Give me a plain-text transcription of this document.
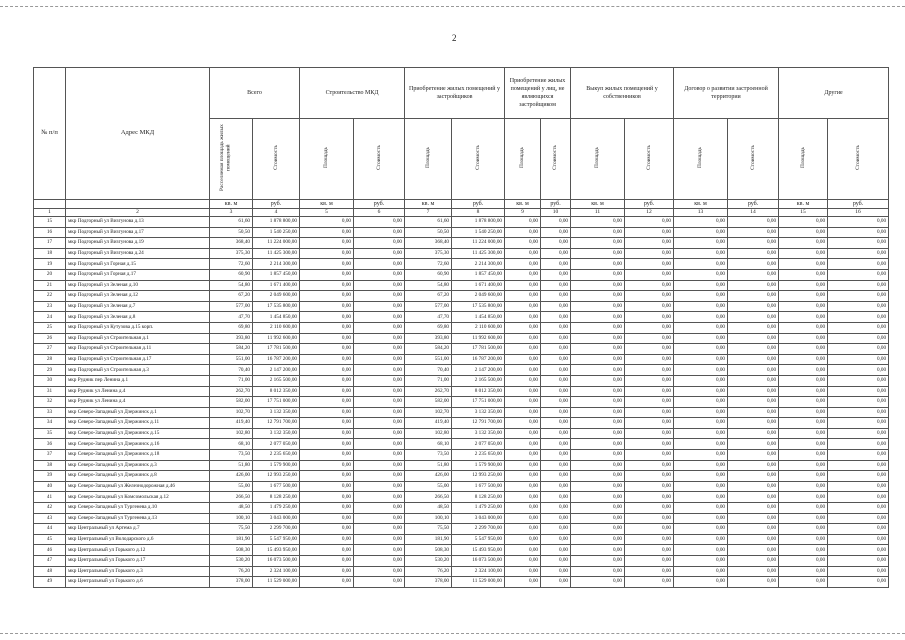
2
№ п/п	Адрес МКД	Всего		Строительство МКД		Приобретение жилых помещений у застройщиков		Приобретение жилых помещений у лиц, не являющихся застройщиком		Выкуп жилых помещений у собственников		Договор о развитии застроенной территории		Другие	
		Расселяемая площадь жилых помещений	Стоимость	Площадь	Стоимость	Площадь	Стоимость	Площадь	Стоимость	Площадь	Стоимость	Площадь	Стоимость	Площадь	Стоимость
		кв. м	руб.	кв. м	руб.	кв. м	руб.	кв. м	руб.	кв. м	руб.	кв. м	руб.	кв. м	руб.
1	2	3	4	5	6	7	8	9	10	11	12	13	14	15	16
15	мкр Подгорный ул Визгунова д.13	61,60	1 878 800,00	0,00	0,00	61,60	1 878 800,00	0,00	0,00	0,00	0,00	0,00	0,00	0,00	0,00
16	мкр Подгорный ул Визгунова д.17	50,50	1 540 250,00	0,00	0,00	50,50	1 540 250,00	0,00	0,00	0,00	0,00	0,00	0,00	0,00	0,00
17	мкр Подгорный ул Визгунова д.19	368,40	11 224 000,00	0,00	0,00	368,40	11 224 000,00	0,00	0,00	0,00	0,00	0,00	0,00	0,00	0,00
18	мкр Подгорный ул Визгунова д.24	375,30	11 425 300,00	0,00	0,00	375,30	11 425 300,00	0,00	0,00	0,00	0,00	0,00	0,00	0,00	0,00
19	мкр Подгорный ул Горная д.15	72,60	2 214 300,00	0,00	0,00	72,60	2 214 300,00	0,00	0,00	0,00	0,00	0,00	0,00	0,00	0,00
20	мкр Подгорный ул Горная д.17	60,90	1 857 450,00	0,00	0,00	60,90	1 857 450,00	0,00	0,00	0,00	0,00	0,00	0,00	0,00	0,00
21	мкр Подгорный ул Зеленая д.10	54,80	1 671 400,00	0,00	0,00	54,80	1 671 400,00	0,00	0,00	0,00	0,00	0,00	0,00	0,00	0,00
22	мкр Подгорный ул Зеленая д.12	67,20	2 049 600,00	0,00	0,00	67,20	2 049 600,00	0,00	0,00	0,00	0,00	0,00	0,00	0,00	0,00
23	мкр Подгорный ул Зеленая д.7	577,00	17 535 800,00	0,00	0,00	577,00	17 535 800,00	0,00	0,00	0,00	0,00	0,00	0,00	0,00	0,00
24	мкр Подгорный ул Зеленая д.8	47,70	1 454 850,00	0,00	0,00	47,70	1 454 850,00	0,00	0,00	0,00	0,00	0,00	0,00	0,00	0,00
25	мкр Подгорный ул Кутузова д.15 корп.	69,80	2 110 600,00	0,00	0,00	69,80	2 110 600,00	0,00	0,00	0,00	0,00	0,00	0,00	0,00	0,00
26	мкр Подгорный ул Строительная д.1	393,80	11 992 600,00	0,00	0,00	393,80	11 992 600,00	0,00	0,00	0,00	0,00	0,00	0,00	0,00	0,00
27	мкр Подгорный ул Строительная д.11	584,20	17 781 500,00	0,00	0,00	584,20	17 781 500,00	0,00	0,00	0,00	0,00	0,00	0,00	0,00	0,00
28	мкр Подгорный ул Строительная д.17	551,00	16 787 200,00	0,00	0,00	551,00	16 787 200,00	0,00	0,00	0,00	0,00	0,00	0,00	0,00	0,00
29	мкр Подгорный ул Строительная д.3	70,40	2 147 200,00	0,00	0,00	70,40	2 147 200,00	0,00	0,00	0,00	0,00	0,00	0,00	0,00	0,00
30	мкр Рудник пер Ленина д.1	71,00	2 165 500,00	0,00	0,00	71,00	2 165 500,00	0,00	0,00	0,00	0,00	0,00	0,00	0,00	0,00
31	мкр Рудник ул Ленина д.4	262,70	8 012 350,00	0,00	0,00	262,70	8 012 350,00	0,00	0,00	0,00	0,00	0,00	0,00	0,00	0,00
32	мкр Рудник ул Ленина д.4	582,00	17 751 000,00	0,00	0,00	582,00	17 751 000,00	0,00	0,00	0,00	0,00	0,00	0,00	0,00	0,00
33	мкр Северо-Западный ул Дзержинск д.1	102,70	3 132 350,00	0,00	0,00	102,70	3 132 350,00	0,00	0,00	0,00	0,00	0,00	0,00	0,00	0,00
34	мкр Северо-Западный ул Дзержинск д.11	419,40	12 791 700,00	0,00	0,00	419,40	12 791 700,00	0,00	0,00	0,00	0,00	0,00	0,00	0,00	0,00
35	мкр Северо-Западный ул Дзержинск д.15	102,80	3 132 350,00	0,00	0,00	102,80	3 132 350,00	0,00	0,00	0,00	0,00	0,00	0,00	0,00	0,00
36	мкр Северо-Западный ул Дзержинск д.16	68,10	2 077 050,00	0,00	0,00	68,10	2 077 050,00	0,00	0,00	0,00	0,00	0,00	0,00	0,00	0,00
37	мкр Северо-Западный ул Дзержинск д.18	73,50	2 235 650,00	0,00	0,00	73,50	2 235 650,00	0,00	0,00	0,00	0,00	0,00	0,00	0,00	0,00
38	мкр Северо-Западный ул Дзержинск д.3	51,80	1 579 900,00	0,00	0,00	51,80	1 579 900,00	0,00	0,00	0,00	0,00	0,00	0,00	0,00	0,00
39	мкр Северо-Западный ул Дзержинск д.8	426,00	12 993 250,00	0,00	0,00	426,00	12 993 250,00	0,00	0,00	0,00	0,00	0,00	0,00	0,00	0,00
40	мкр Северо-Западный ул Железнодорожная д.46	55,00	1 677 500,00	0,00	0,00	55,00	1 677 500,00	0,00	0,00	0,00	0,00	0,00	0,00	0,00	0,00
41	мкр Северо-Западный ул Комсомольская д.12	266,50	8 128 250,00	0,00	0,00	266,50	8 128 250,00	0,00	0,00	0,00	0,00	0,00	0,00	0,00	0,00
42	мкр Северо-Западный ул Тургенева д.10	48,50	1 479 250,00	0,00	0,00	48,50	1 479 250,00	0,00	0,00	0,00	0,00	0,00	0,00	0,00	0,00
43	мкр Северо-Западный ул Тургенева д.13	100,10	3 043 000,00	0,00	0,00	100,10	3 043 000,00	0,00	0,00	0,00	0,00	0,00	0,00	0,00	0,00
44	мкр Центральный ул Артема д.7	75,50	2 299 700,00	0,00	0,00	75,50	2 299 700,00	0,00	0,00	0,00	0,00	0,00	0,00	0,00	0,00
45	мкр Центральный ул Володарского д.6	181,90	5 547 950,00	0,00	0,00	181,90	5 547 950,00	0,00	0,00	0,00	0,00	0,00	0,00	0,00	0,00
46	мкр Центральный ул Горького д.12	508,30	15 493 950,00	0,00	0,00	508,30	15 493 950,00	0,00	0,00	0,00	0,00	0,00	0,00	0,00	0,00
47	мкр Центральный ул Горького д.17	530,20	16 073 500,00	0,00	0,00	530,20	16 073 500,00	0,00	0,00	0,00	0,00	0,00	0,00	0,00	0,00
48	мкр Центральный ул Горького д.3	76,20	2 324 100,00	0,00	0,00	76,20	2 324 100,00	0,00	0,00	0,00	0,00	0,00	0,00	0,00	0,00
49	мкр Центральный ул Горького д.6	378,00	11 529 000,00	0,00	0,00	378,00	11 529 000,00	0,00	0,00	0,00	0,00	0,00	0,00	0,00	0,00
